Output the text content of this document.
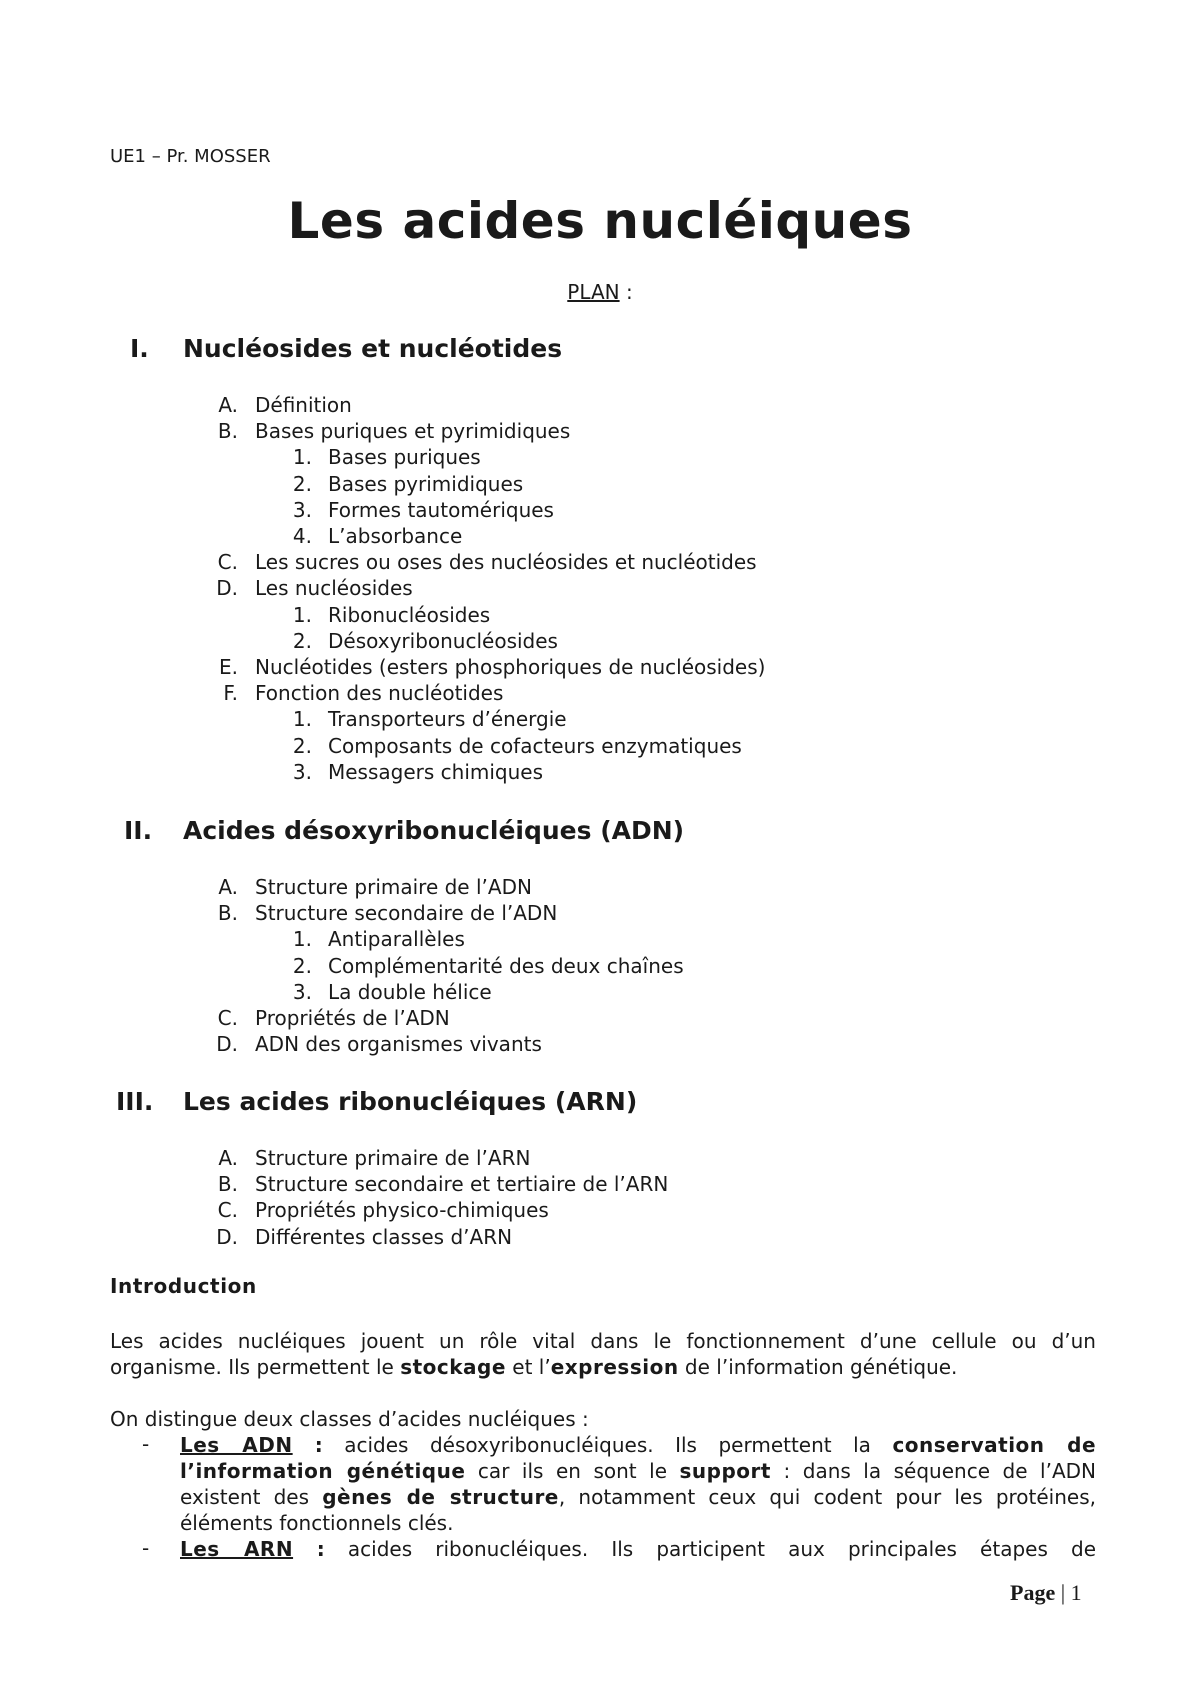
UE1 – Pr. MOSSER
Les acides nucléiques
PLAN :
I. Nucléosides et nucléotides
A. Définition
B. Bases puriques et pyrimidiques
1. Bases puriques
2. Bases pyrimidiques
3. Formes tautomériques
4. L’absorbance
C. Les sucres ou oses des nucléosides et nucléotides
D. Les nucléosides
1. Ribonucléosides
2. Désoxyribonucléosides
E. Nucléotides (esters phosphoriques de nucléosides)
F. Fonction des nucléotides
1. Transporteurs d’énergie
2. Composants de cofacteurs enzymatiques
3. Messagers chimiques
II. Acides désoxyribonucléiques (ADN)
A. Structure primaire de l’ADN
B. Structure secondaire de l’ADN
1. Antiparallèles
2. Complémentarité des deux chaînes
3. La double hélice
C. Propriétés de l’ADN
D. ADN des organismes vivants
III. Les acides ribonucléiques (ARN)
A. Structure primaire de l’ARN
B. Structure secondaire et tertiaire de l’ARN
C. Propriétés physico-chimiques
D. Différentes classes d’ARN
Introduction
Les acides nucléiques jouent un rôle vital dans le fonctionnement d’une cellule ou d’un organisme. Ils permettent le stockage et l’expression de l’information génétique.
On distingue deux classes d’acides nucléiques :
- Les ADN : acides désoxyribonucléiques. Ils permettent la conservation de l’information génétique car ils en sont le support : dans la séquence de l’ADN existent des gènes de structure, notamment ceux qui codent pour les protéines, éléments fonctionnels clés.
- Les ARN : acides ribonucléiques. Ils participent aux principales étapes de
Page | 1
